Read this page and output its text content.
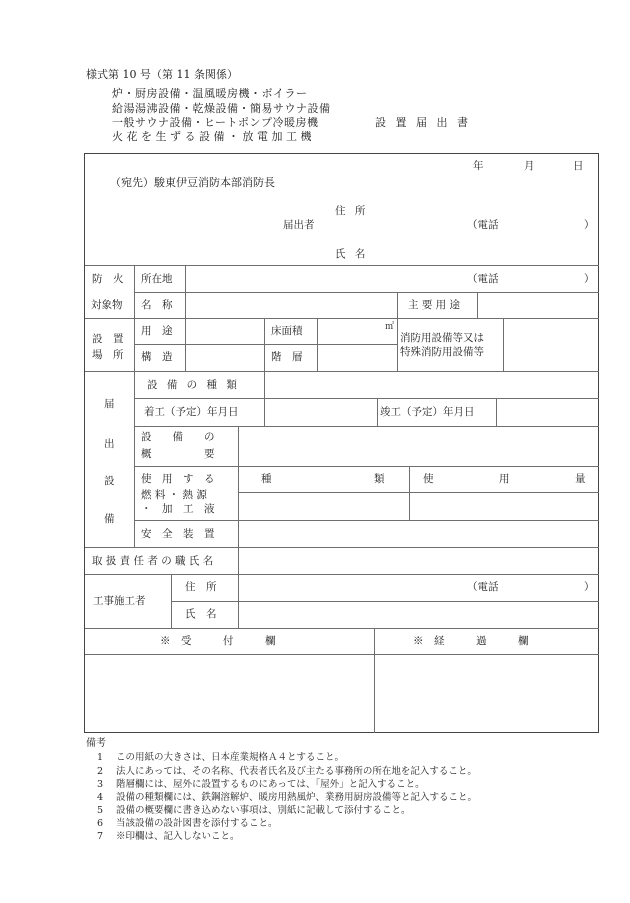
様式第 10 号（第 11 条関係）
炉・厨房設備・温風暖房機・ボイラー
給湯湯沸設備・乾燥設備・簡易サウナ設備
一般サウナ設備・ヒートポンプ冷暖房機
火 花 を 生 ず る 設 備 ・ 放 電 加 工 機
設 置 届 出 書
年	月	日
（宛先）駿東伊豆消防本部消防長
住 所
届出者	（電話	）
氏 名
防　火
対象物
所在地	（電話	）
名　称	主 要 用 途
設　置
場　所
用　途	床面積	㎡
構　造	階　層
消防用設備等又は
特殊消防用設備等
届
出
設
備
設 備 の 種 類
着工（予定）年月日	竣工（予定）年月日
設　　備　　の
概　　　　　要
使　用　す　る
燃 料 ・ 熱 源
・　加　工　液
種	類	使	用	量
安　全　装　置
取 扱 責 任 者 の 職 氏 名
工事施工者
住　所	（電話	）
氏　名
※　受　　　付　　　欄	※　経　　　過　　　欄
備考
1 この用紙の大きさは、日本産業規格Ａ４とすること。
2 法人にあっては、その名称、代表者氏名及び主たる事務所の所在地を記入すること。
3 階層欄には、屋外に設置するものにあっては、「屋外」と記入すること。
4 設備の種類欄には、鉄鋼溶解炉、暖房用熱風炉、業務用厨房設備等と記入すること。
5 設備の概要欄に書き込めない事項は、別紙に記載して添付すること。
6 当該設備の設計図書を添付すること。
7 ※印欄は、記入しないこと。
